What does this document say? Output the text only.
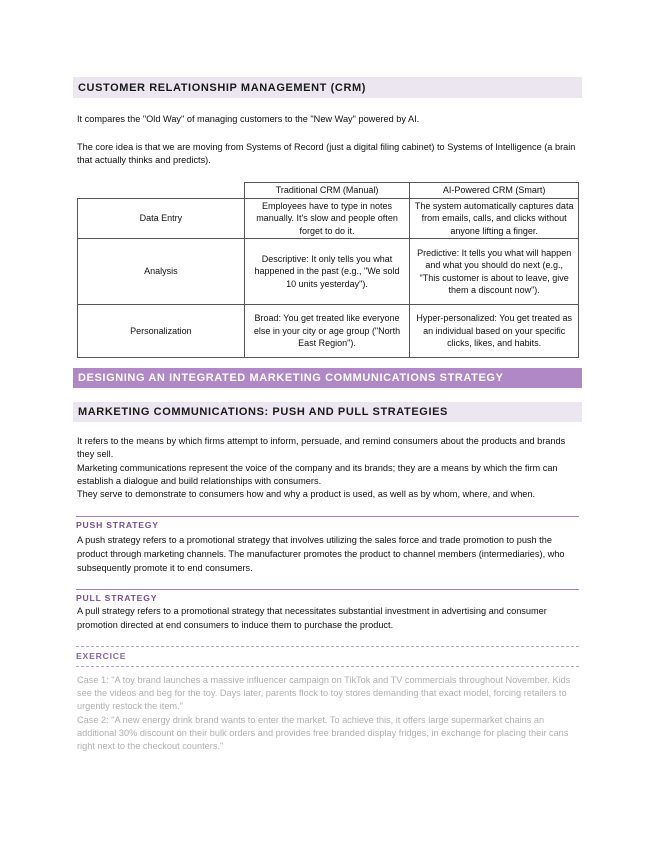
CUSTOMER RELATIONSHIP MANAGEMENT (CRM)

It compares the "Old Way" of managing customers to the "New Way" powered by AI.

The core idea is that we are moving from Systems of Record (just a digital filing cabinet) to Systems of Intelligence (a brain that actually thinks and predicts).

	Traditional CRM (Manual)	AI-Powered CRM (Smart)
Data Entry	Employees have to type in notes manually. It's slow and people often forget to do it.	The system automatically captures data from emails, calls, and clicks without anyone lifting a finger.
Analysis	Descriptive: It only tells you what happened in the past (e.g., "We sold 10 units yesterday").	Predictive: It tells you what will happen and what you should do next (e.g., "This customer is about to leave, give them a discount now").
Personalization	Broad: You get treated like everyone else in your city or age group ("North East Region").	Hyper-personalized: You get treated as an individual based on your specific clicks, likes, and habits.
DESIGNING AN INTEGRATED MARKETING COMMUNICATIONS STRATEGY
MARKETING COMMUNICATIONS: PUSH AND PULL STRATEGIES

It refers to the means by which firms attempt to inform, persuade, and remind consumers about the products and brands they sell.

Marketing communications represent the voice of the company and its brands; they are a means by which the firm can establish a dialogue and build relationships with consumers.

They serve to demonstrate to consumers how and why a product is used, as well as by whom, where, and when.

PUSH STRATEGY

A push strategy refers to a promotional strategy that involves utilizing the sales force and trade promotion to push the product through marketing channels. The manufacturer promotes the product to channel members (intermediaries), who subsequently promote it to end consumers.

PULL STRATEGY

A pull strategy refers to a promotional strategy that necessitates substantial investment in advertising and consumer promotion directed at end consumers to induce them to purchase the product.

EXERCICE

Case 1: "A toy brand launches a massive influencer campaign on TikTok and TV commercials throughout November. Kids see the videos and beg for the toy. Days later, parents flock to toy stores demanding that exact model, forcing retailers to urgently restock the item."

Case 2: "A new energy drink brand wants to enter the market. To achieve this, it offers large supermarket chains an additional 30% discount on their bulk orders and provides free branded display fridges, in exchange for placing their cans right next to the checkout counters."
